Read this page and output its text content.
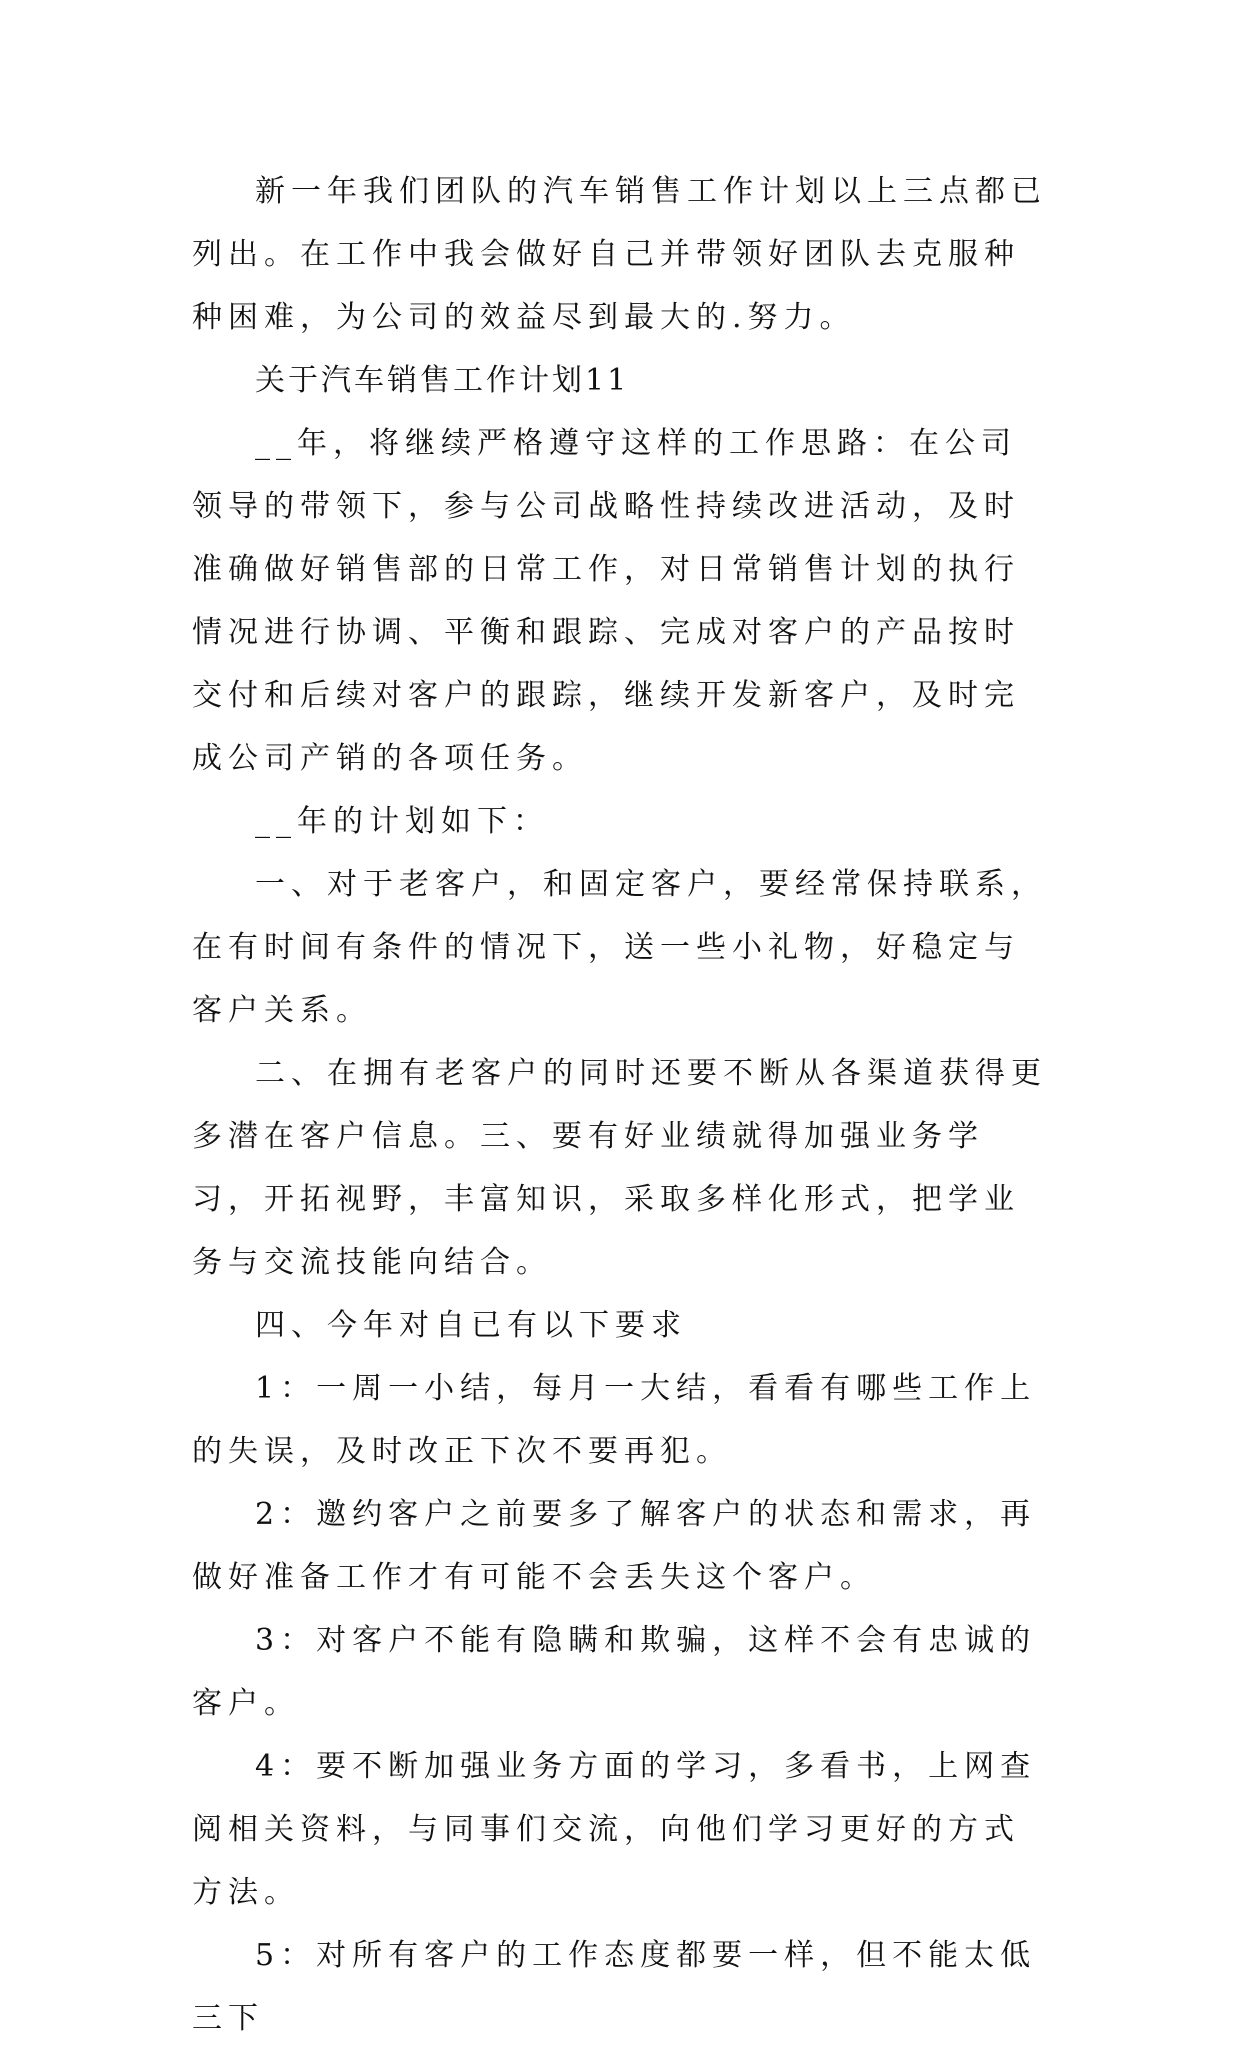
新一年我们团队的汽车销售工作计划以上三点都已列出。在工作中我会做好自己并带领好团队去克服种种困难，为公司的效益尽到最大的.努力。

关于汽车销售工作计划11

__年，将继续严格遵守这样的工作思路：在公司领导的带领下，参与公司战略性持续改进活动，及时准确做好销售部的日常工作，对日常销售计划的执行情况进行协调、平衡和跟踪、完成对客户的产品按时交付和后续对客户的跟踪，继续开发新客户，及时完成公司产销的各项任务。

__年的计划如下：

一、对于老客户，和固定客户，要经常保持联系，在有时间有条件的情况下，送一些小礼物，好稳定与客户关系。

二、在拥有老客户的同时还要不断从各渠道获得更多潜在客户信息。三、要有好业绩就得加强业务学习，开拓视野，丰富知识，采取多样化形式，把学业务与交流技能向结合。

四、今年对自已有以下要求

1：一周一小结，每月一大结，看看有哪些工作上的失误，及时改正下次不要再犯。

2：邀约客户之前要多了解客户的状态和需求，再做好准备工作才有可能不会丢失这个客户。

3：对客户不能有隐瞒和欺骗，这样不会有忠诚的客户。

4：要不断加强业务方面的学习，多看书，上网查阅相关资料，与同事们交流，向他们学习更好的方式方法。

5：对所有客户的工作态度都要一样，但不能太低三下
